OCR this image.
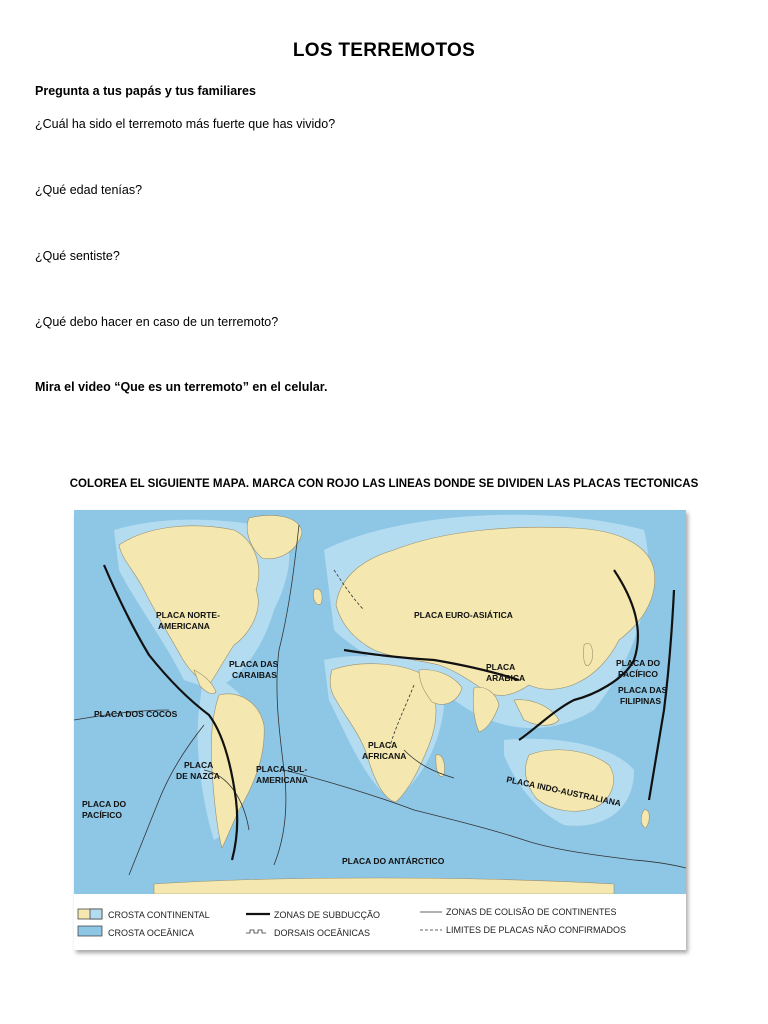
LOS TERREMOTOS
Pregunta a tus papás y tus familiares
¿Cuál ha sido el terremoto más fuerte que has vivido?
¿Qué edad tenías?
¿Qué sentiste?
¿Qué debo hacer en caso de un terremoto?
Mira el video “Que es un terremoto” en el celular.
COLOREA EL SIGUIENTE MAPA. MARCA CON ROJO LAS LINEAS DONDE SE DIVIDEN LAS PLACAS TECTONICAS
PLACA NORTE-
AMERICANA
PLACA EURO-ASIÁTICA
PLACA DAS
CARAIBAS
PLACA
ARÁBICA
PLACA DO
PACÍFICO
PLACA DAS
FILIPINAS
PLACA DOS COCOS
PLACA
AFRICANA
PLACA
DE NAZCA
PLACA SUL-
AMERICANA	PLACA INDO-AUSTRALIANA
PLACA DO
PACÍFICO
PLACA DO ANTÁRCTICO
CROSTA CONTINENTAL
CROSTA OCEÂNICA
ZONAS DE SUBDUCÇÃO
DORSAIS OCEÂNICAS
ZONAS DE COLISÃO DE CONTINENTES
LIMITES DE PLACAS NÃO CONFIRMADOS
